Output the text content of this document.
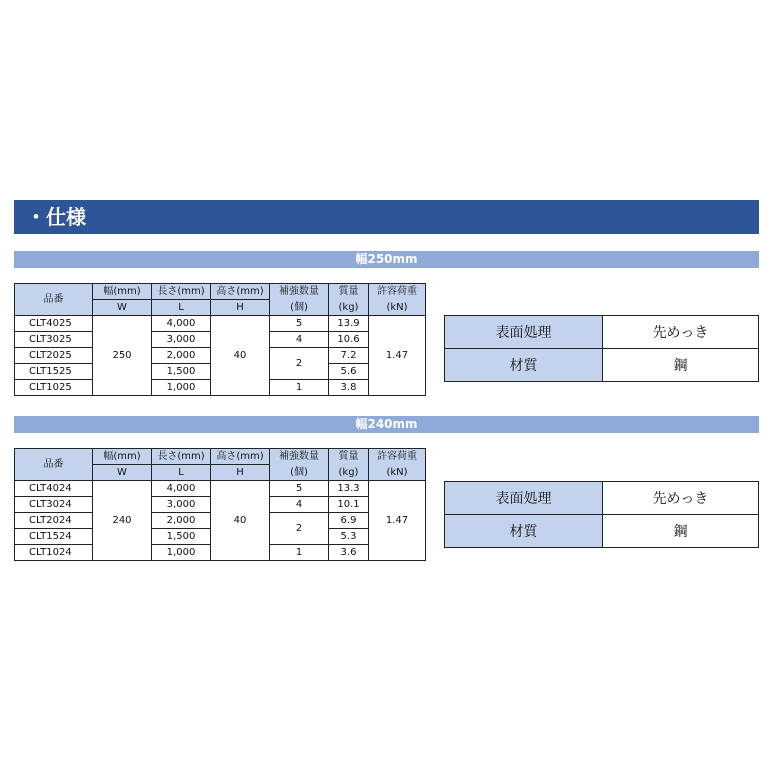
・仕様
幅250mm
品番	幅(mm)	長さ(mm)	高さ(mm)	補強数量	質量	許容荷重
	W	L	H	(個)	(kg)	(kN)
CLT4025	250	4,000	40	5	13.9	1.47
CLT3025		3,000		4	10.6	
CLT2025		2,000		2	7.2	
CLT1525		1,500			5.6	
CLT1025		1,000		1	3.8	
表面処理	先めっき
材質	鋼
幅240mm
品番	幅(mm)	長さ(mm)	高さ(mm)	補強数量	質量	許容荷重
	W	L	H	(個)	(kg)	(kN)
CLT4024	240	4,000	40	5	13.3	1.47
CLT3024		3,000		4	10.1	
CLT2024		2,000		2	6.9	
CLT1524		1,500			5.3	
CLT1024		1,000		1	3.6	
表面処理	先めっき
材質	鋼
